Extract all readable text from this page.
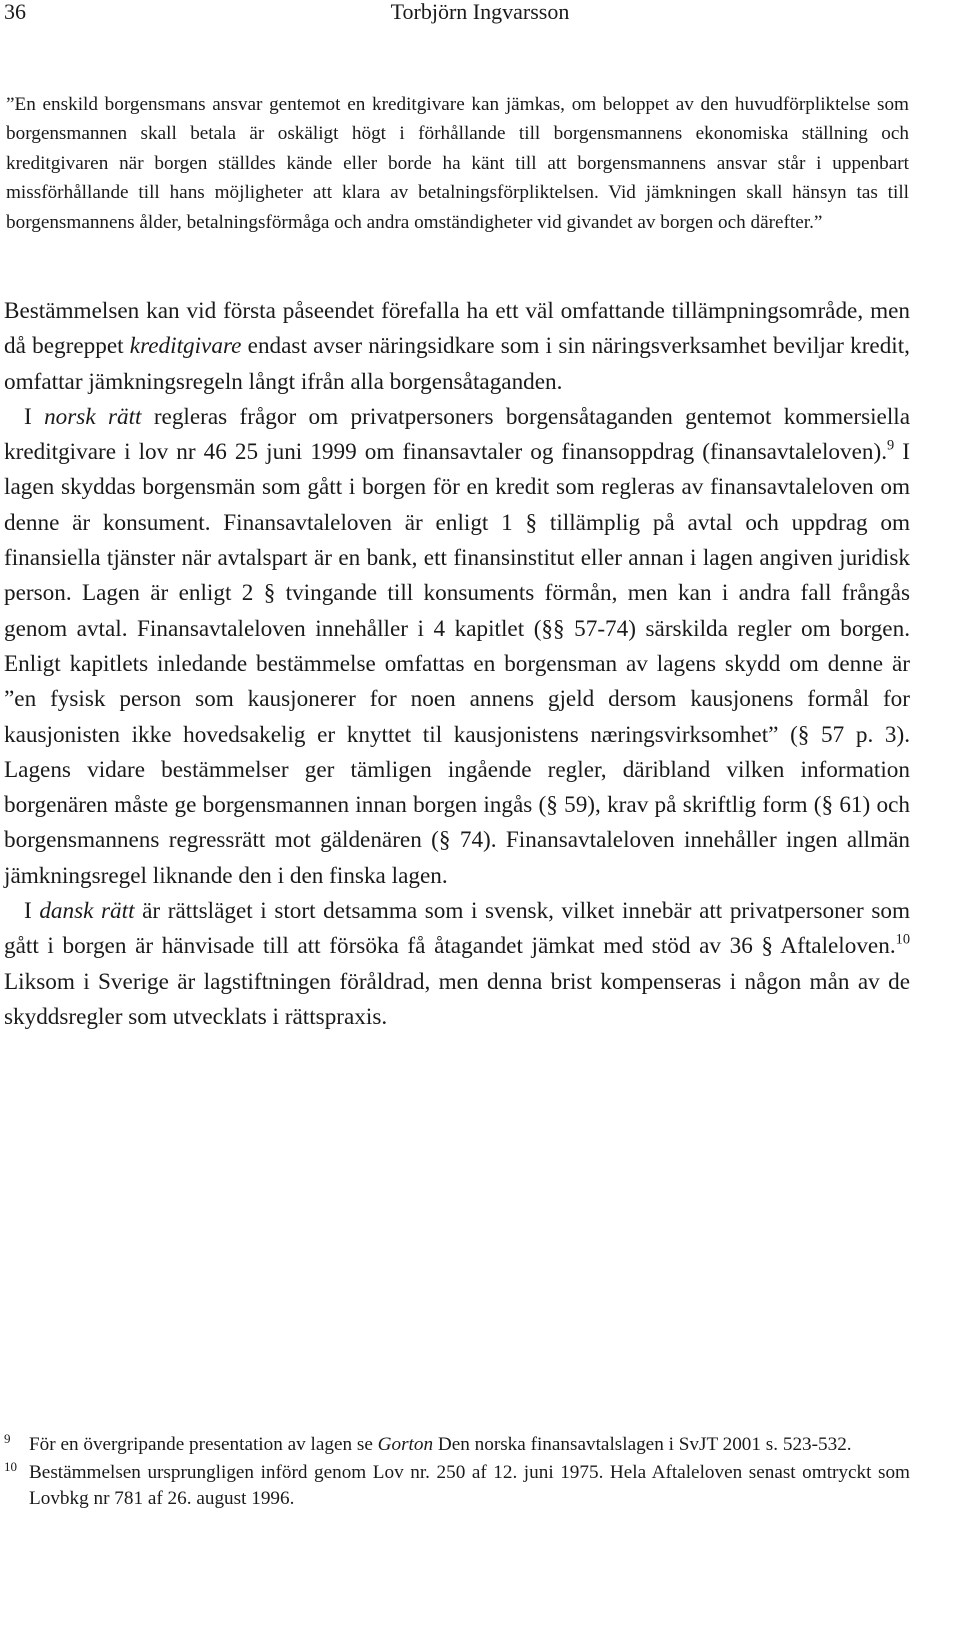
36	Torbjörn Ingvarsson

”En enskild borgensmans ansvar gentemot en kreditgivare kan jämkas, om beloppet av den huvudförpliktelse som borgensmannen skall betala är oskäligt högt i förhållande till borgensmannens ekonomiska ställning och kreditgivaren när borgen ställdes kände eller borde ha känt till att borgensmannens ansvar står i uppenbart missförhållande till hans möjligheter att klara av betalningsförpliktelsen. Vid jämkningen skall hänsyn tas till borgensmannens ålder, betalningsförmåga och andra omständigheter vid givandet av borgen och därefter.”

Bestämmelsen kan vid första påseendet förefalla ha ett väl omfattande tillämpningsområde, men då begreppet kreditgivare endast avser näringsidkare som i sin näringsverksamhet beviljar kredit, omfattar jämkningsregeln långt ifrån alla borgensåtaganden.

I norsk rätt regleras frågor om privatpersoners borgensåtaganden gentemot kommersiella kreditgivare i lov nr 46 25 juni 1999 om finansavtaler og finansoppdrag (finansavtaleloven).$^9$ I lagen skyddas borgensmän som gått i borgen för en kredit som regleras av finansavtaleloven om denne är konsument. Finansavtaleloven är enligt 1 § tillämplig på avtal och uppdrag om finansiella tjänster när avtalspart är en bank, ett finansinstitut eller annan i lagen angiven juridisk person. Lagen är enligt 2 § tvingande till konsuments förmån, men kan i andra fall frångås genom avtal. Finansavtaleloven innehåller i 4 kapitlet (§§ 57-74) särskilda regler om borgen. Enligt kapitlets inledande bestämmelse omfattas en borgensman av lagens skydd om denne är ”en fysisk person som kausjonerer for noen annens gjeld dersom kausjonens formål for kausjonisten ikke hovedsakelig er knyttet til kausjonistens næringsvirksomhet” (§ 57 p. 3). Lagens vidare bestämmelser ger tämligen ingående regler, däribland vilken information borgenären måste ge borgensmannen innan borgen ingås (§ 59), krav på skriftlig form (§ 61) och borgensmannens regressrätt mot gäldenären (§ 74). Finansavtaleloven innehåller ingen allmän jämkningsregel liknande den i den finska lagen.

I dansk rätt är rättsläget i stort detsamma som i svensk, vilket innebär att privatpersoner som gått i borgen är hänvisade till att försöka få åtagandet jämkat med stöd av 36 § Aftaleloven.$^{10}$ Liksom i Sverige är lagstiftningen föråldrad, men denna brist kompenseras i någon mån av de skyddsregler som utvecklats i rättspraxis.

9 För en övergripande presentation av lagen se Gorton Den norska finansavtalslagen i SvJT 2001 s. 523-532.
10 Bestämmelsen ursprungligen införd genom Lov nr. 250 af 12. juni 1975. Hela Aftaleloven senast omtryckt som Lovbkg nr 781 af 26. august 1996.
